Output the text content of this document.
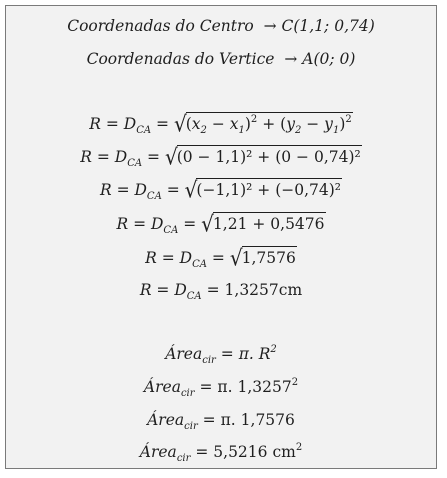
Coordenadas do Centro → C(1,1; 0,74)
Coordenadas do Vertice → A(0; 0)
$R = D_{CA} = √(x_2 - x_1)^2 + (y_2 - y_1)^2$
$R = D_{CA} = √(0 - 1,1)^2 + (0 - 0,74)^2$
$R = D_{CA} = √(-1,1)^2 + (-0,74)^2$
$R = D_{CA} = √1,21 + 0,5476$
$R = D_{CA} = √1,7576$
$R = D_{CA} = 1,3257cm$
Área$_{cir}$ = π. $R^2$
Área$_{cir}$ = π. 1,3257$^2$
Área$_{cir}$ = π. 1,7576
Área$_{cir}$ = 5,5216 $cm^2$
